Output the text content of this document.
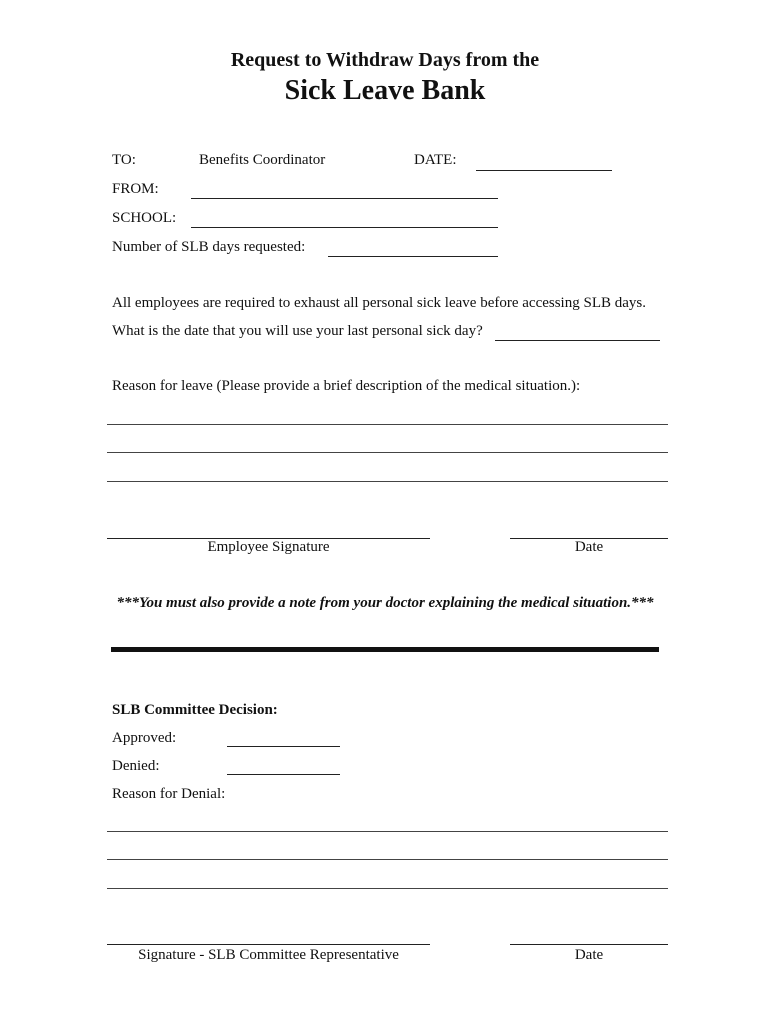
Request to Withdraw Days from the
Sick Leave Bank
TO:	Benefits Coordinator	DATE:
FROM:
SCHOOL:
Number of SLB days requested:
All employees are required to exhaust all personal sick leave before accessing SLB days.
What is the date that you will use your last personal sick day?
Reason for leave (Please provide a brief description of the medical situation.):
Employee Signature	Date
***You must also provide a note from your doctor explaining the medical situation.***
SLB Committee Decision:
Approved:
Denied:
Reason for Denial:
Signature - SLB Committee Representative	Date
